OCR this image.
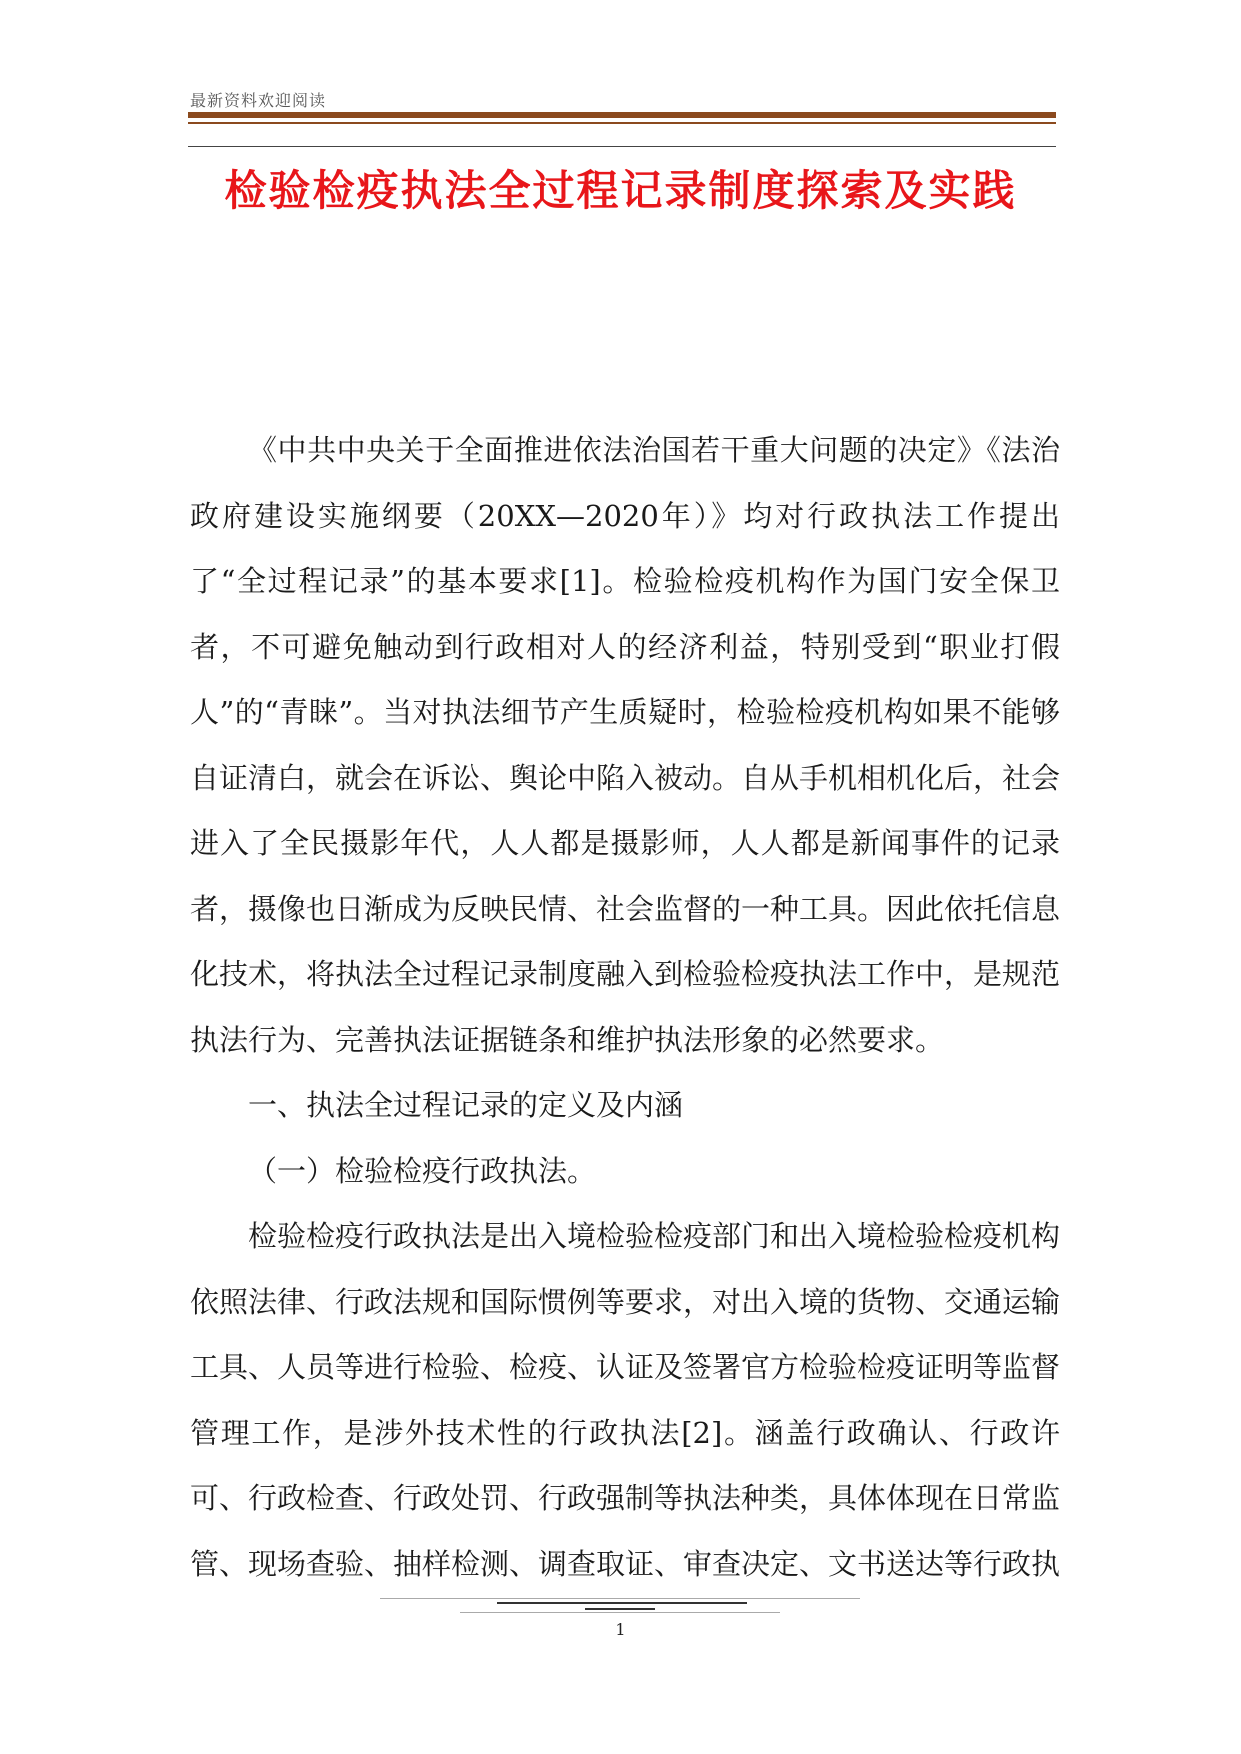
最新资料欢迎阅读
检验检疫执法全过程记录制度探索及实践

《中共中央关于全面推进依法治国若干重大问题的决定》《法治政府建设实施纲要（20XX—2020年）》均对行政执法工作提出了“全过程记录”的基本要求[1]。检验检疫机构作为国门安全保卫者，不可避免触动到行政相对人的经济利益，特别受到“职业打假人”的“青睐”。当对执法细节产生质疑时，检验检疫机构如果不能够自证清白，就会在诉讼、舆论中陷入被动。自从手机相机化后，社会进入了全民摄影年代，人人都是摄影师，人人都是新闻事件的记录者，摄像也日渐成为反映民情、社会监督的一种工具。因此依托信息化技术，将执法全过程记录制度融入到检验检疫执法工作中，是规范执法行为、完善执法证据链条和维护执法形象的必然要求。

一、执法全过程记录的定义及内涵

（一）检验检疫行政执法。

检验检疫行政执法是出入境检验检疫部门和出入境检验检疫机构依照法律、行政法规和国际惯例等要求，对出入境的货物、交通运输工具、人员等进行检验、检疫、认证及签署官方检验检疫证明等监督管理工作，是涉外技术性的行政执法[2]。涵盖行政确认、行政许可、行政检查、行政处罚、行政强制等执法种类，具体体现在日常监管、现场查验、抽样检测、调查取证、审查决定、文书送达等行政执

1
